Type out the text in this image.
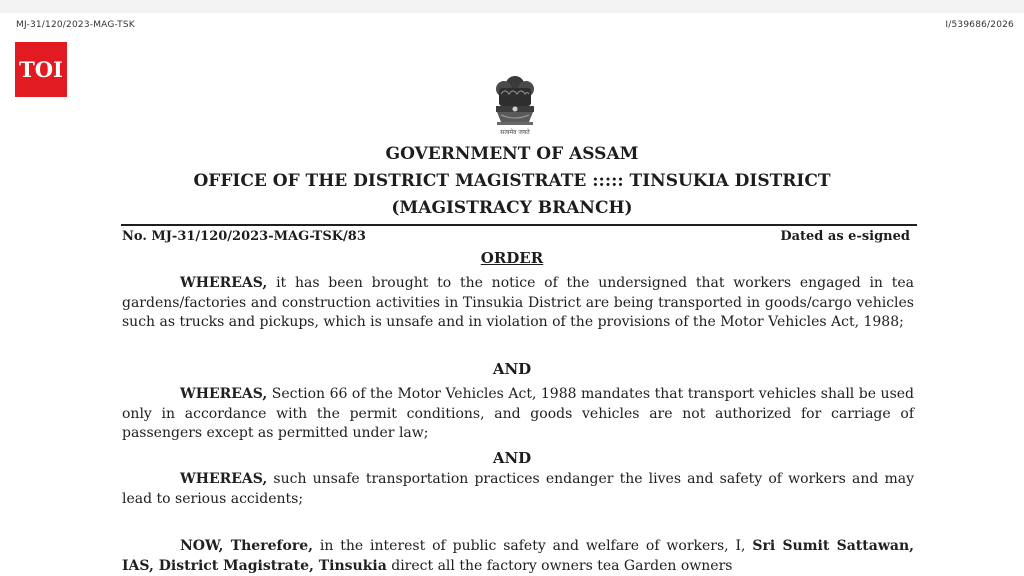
MJ-31/120/2023-MAG-TSK	I/539686/2026
TOI
सत्यमेव जयते
GOVERNMENT OF ASSAM
OFFICE OF THE DISTRICT MAGISTRATE ::::: TINSUKIA DISTRICT
(MAGISTRACY BRANCH)
No. MJ-31/120/2023-MAG-TSK/83	Dated as e-signed
ORDER
WHEREAS, it has been brought to the notice of the undersigned that workers engaged in tea gardens/factories and construction activities in Tinsukia District are being transported in goods/cargo vehicles such as trucks and pickups, which is unsafe and in violation of the provisions of the Motor Vehicles Act, 1988;
AND
WHEREAS, Section 66 of the Motor Vehicles Act, 1988 mandates that transport vehicles shall be used only in accordance with the permit conditions, and goods vehicles are not authorized for carriage of passengers except as permitted under law;
AND
WHEREAS, such unsafe transportation practices endanger the lives and safety of workers and may lead to serious accidents;
NOW, Therefore, in the interest of public safety and welfare of workers, I, Sri Sumit Sattawan, IAS, District Magistrate, Tinsukia direct all the factory owners tea Garden owners
